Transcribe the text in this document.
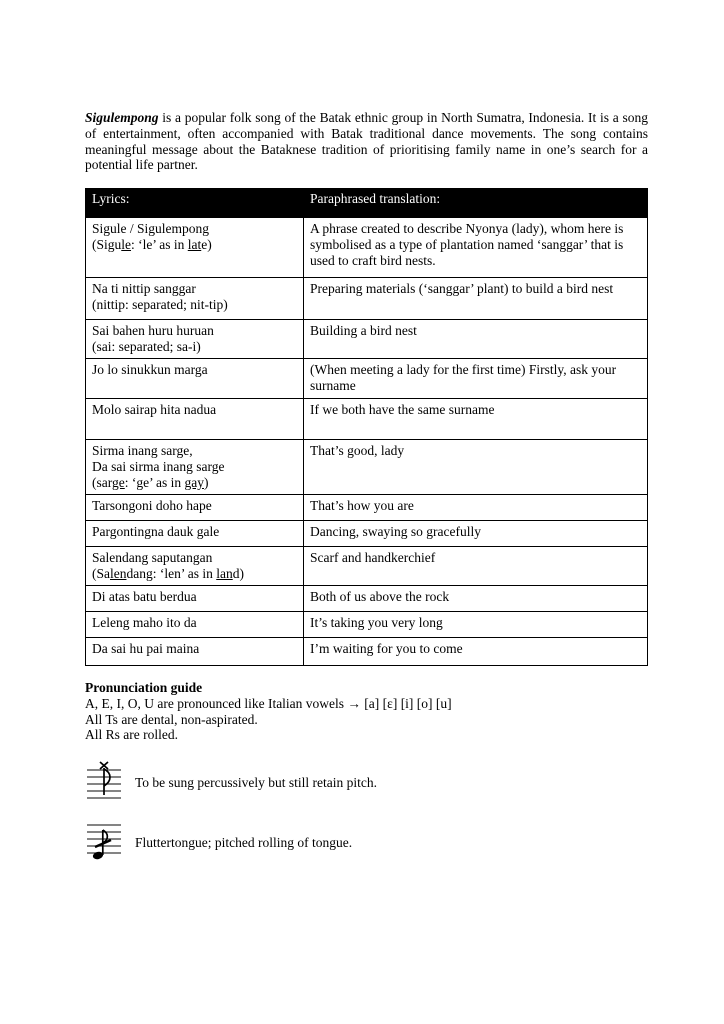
Sigulempong is a popular folk song of the Batak ethnic group in North Sumatra, Indonesia. It is a song of entertainment, often accompanied with Batak traditional dance movements. The song contains meaningful message about the Bataknese tradition of prioritising family name in one’s search for a potential life partner.

Lyrics:	Paraphrased translation:

Sigule / Sigulempong
(Sigule: ‘le’ as in late)	A phrase created to describe Nyonya (lady), whom here is symbolised as a type of plantation named ‘sanggar’ that is used to craft bird nests.

Na ti nittip sanggar
(nittip: separated; nit-tip)	Preparing materials (‘sanggar’ plant) to build a bird nest

Sai bahen huru huruan
(sai: separated; sa-i)	Building a bird nest

Jo lo sinukkun marga	(When meeting a lady for the first time) Firstly, ask your surname

Molo sairap hita nadua	If we both have the same surname

Sirma inang sarge,
Da sai sirma inang sarge
(sarge: ‘ge’ as in gay)	That’s good, lady

Tarsongoni doho hape	That’s how you are

Pargontingna dauk gale	Dancing, swaying so gracefully

Salendang saputangan
(Salendang: ‘len’ as in land)	Scarf and handkerchief

Di atas batu berdua	Both of us above the rock

Leleng maho ito da	It’s taking you very long

Da sai hu pai maina	I’m waiting for you to come

Pronunciation guide

A, E, I, O, U are pronounced like Italian vowels → [a] [ɛ] [i] [o] [u]

All Ts are dental, non-aspirated.

All Rs are rolled.

To be sung percussively but still retain pitch.
Fluttertongue; pitched rolling of tongue.
